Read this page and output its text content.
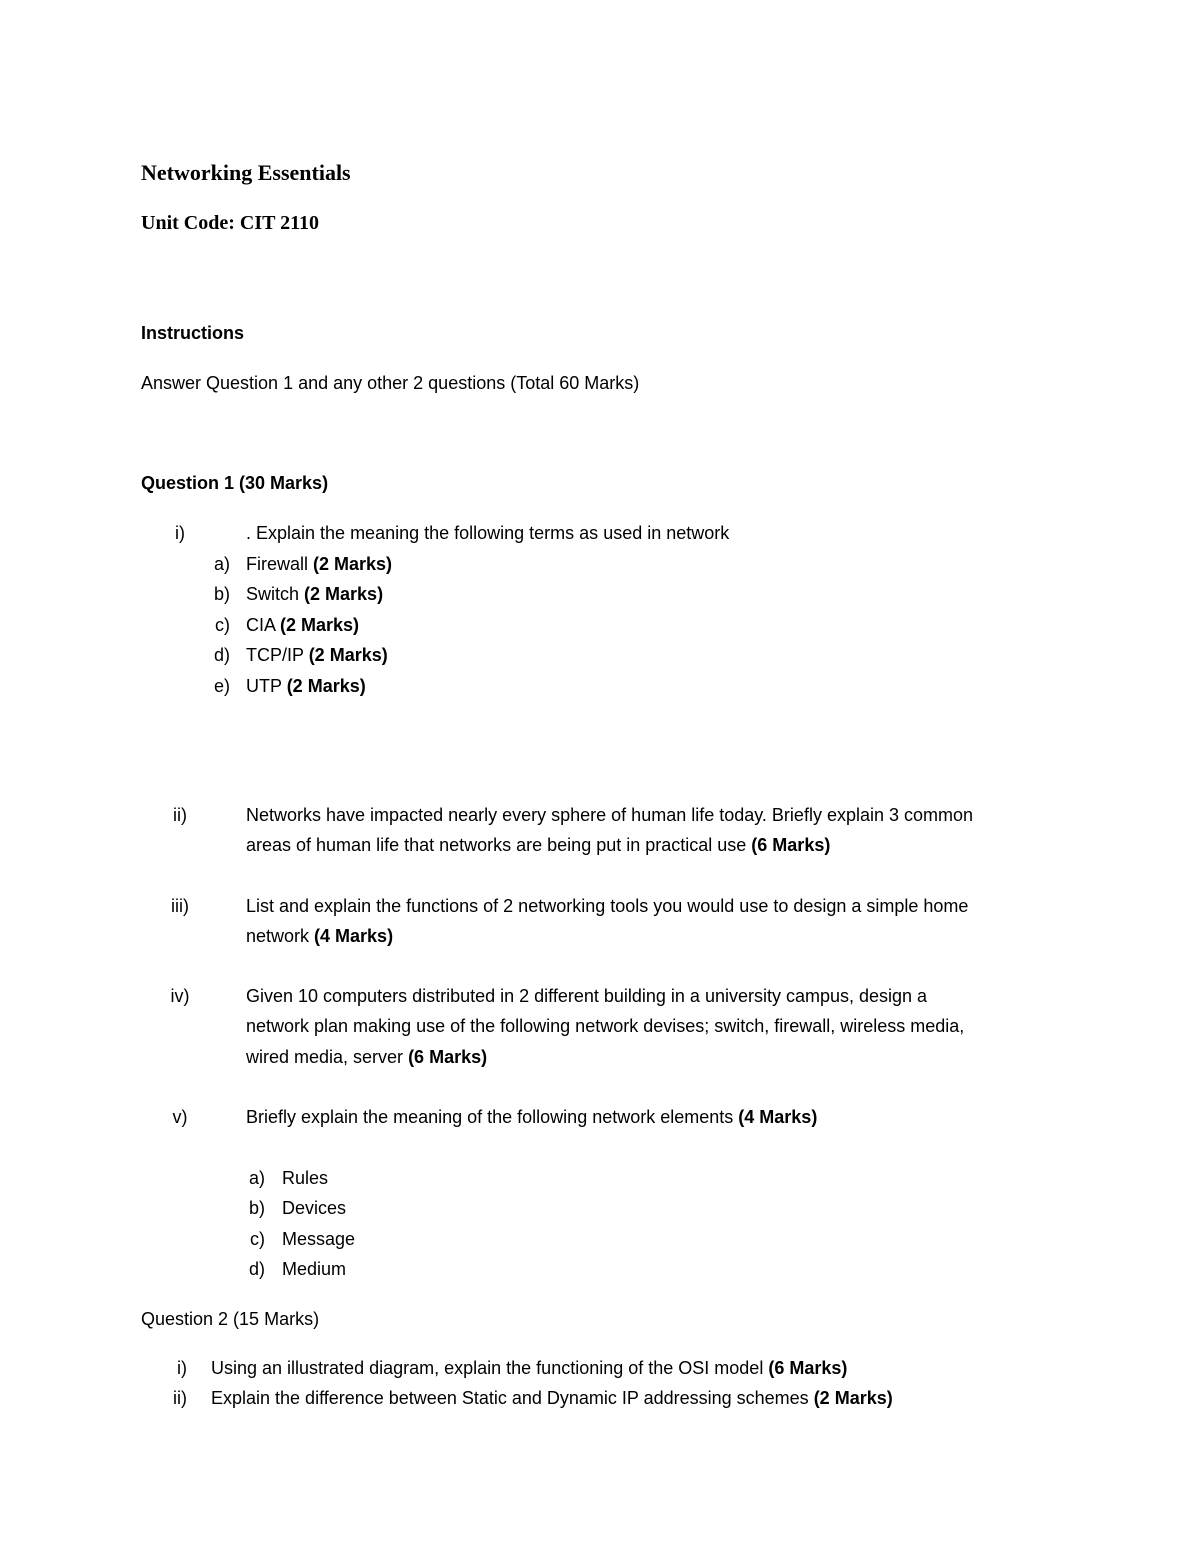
Networking Essentials
Unit Code: CIT 2110
Instructions
Answer Question 1 and any other 2 questions (Total 60 Marks)
Question 1 (30 Marks)
i)	. Explain the meaning the following terms as used in network
a) Firewall (2 Marks)
b) Switch (2 Marks)
c) CIA (2 Marks)
d) TCP/IP (2 Marks)
e) UTP (2 Marks)
ii)	Networks have impacted nearly every sphere of human life today. Briefly explain 3 common
areas of human life that networks are being put in practical use (6 Marks)
iii)	List and explain the functions of 2 networking tools you would use to design a simple home
network (4 Marks)
iv)	Given 10 computers distributed in 2 different building in a university campus, design a
network plan making use of the following network devises; switch, firewall, wireless media,
wired media, server (6 Marks)
v)	Briefly explain the meaning of the following network elements (4 Marks)
a) Rules
b) Devices
c) Message
d) Medium
Question 2 (15 Marks)
i) Using an illustrated diagram, explain the functioning of the OSI model (6 Marks)
ii) Explain the difference between Static and Dynamic IP addressing schemes (2 Marks)
